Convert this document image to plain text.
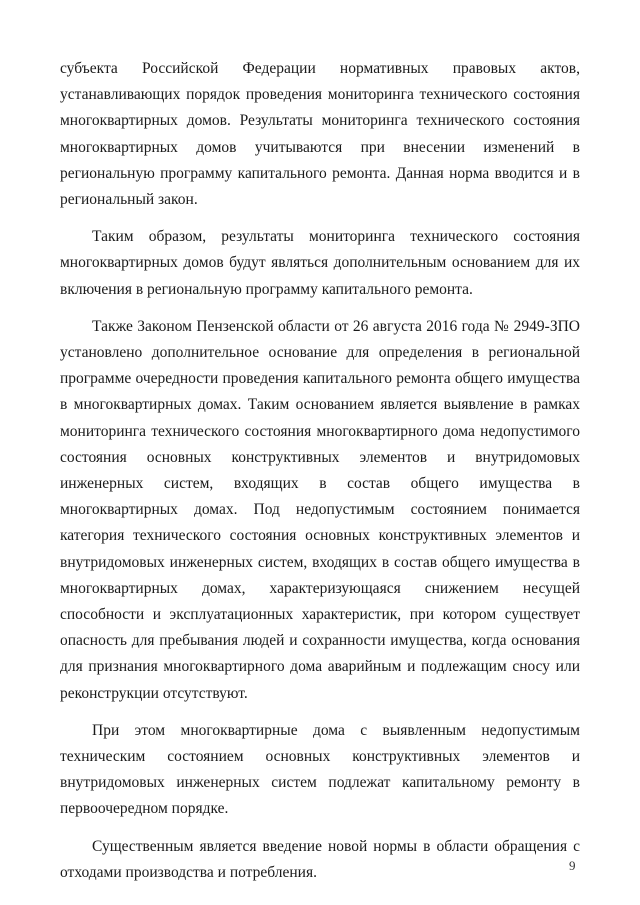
субъекта Российской Федерации нормативных правовых актов, устанавливающих порядок проведения мониторинга технического состояния многоквартирных домов. Результаты мониторинга технического состояния многоквартирных домов учитываются при внесении изменений в региональную программу капитального ремонта. Данная норма вводится и в региональный закон.

Таким образом, результаты мониторинга технического состояния многоквартирных домов будут являться дополнительным основанием для их включения в региональную программу капитального ремонта.

Также Законом Пензенской области от 26 августа 2016 года № 2949-ЗПО установлено дополнительное основание для определения в региональной программе очередности проведения капитального ремонта общего имущества в многоквартирных домах. Таким основанием является выявление в рамках мониторинга технического состояния многоквартирного дома недопустимого состояния основных конструктивных элементов и внутридомовых инженерных систем, входящих в состав общего имущества в многоквартирных домах. Под недопустимым состоянием понимается категория технического состояния основных конструктивных элементов и внутридомовых инженерных систем, входящих в состав общего имущества в многоквартирных домах, характеризующаяся снижением несущей способности и эксплуатационных характеристик, при котором существует опасность для пребывания людей и сохранности имущества, когда основания для признания многоквартирного дома аварийным и подлежащим сносу или реконструкции отсутствуют.

При этом многоквартирные дома с выявленным недопустимым техническим состоянием основных конструктивных элементов и внутридомовых инженерных систем подлежат капитальному ремонту в первоочередном порядке.

Существенным является введение новой нормы в области обращения с отходами производства и потребления.	9
